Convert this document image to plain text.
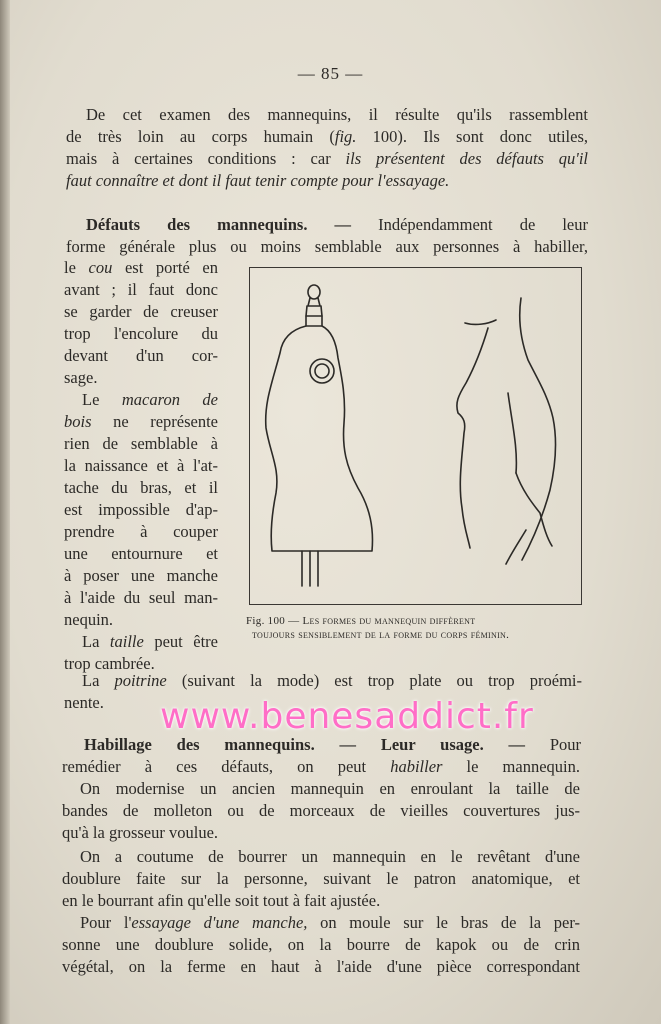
— 85 —
De cet examen des mannequins, il résulte qu'ils rassemblent
de très loin au corps humain (fig. 100). Ils sont donc utiles,
mais à certaines conditions : car ils présentent des défauts qu'il
faut connaître et dont il faut tenir compte pour l'essayage.
Défauts des mannequins. — Indépendamment de leur
forme générale plus ou moins semblable aux personnes à habiller,
le cou est porté en
avant ; il faut donc
se garder de creuser
trop l'encolure du
devant d'un cor-
sage.
Le macaron de
bois ne représente
rien de semblable à
la naissance et à l'at-
tache du bras, et il
est impossible d'ap-
prendre à couper
une entournure et
à poser une manche
à l'aide du seul man-
nequin.
La taille peut être
trop cambrée.
Fig. 100 — Les formes du mannequin diffèrent
toujours sensiblement de la forme du corps féminin.
La poitrine (suivant la mode) est trop plate ou trop proémi-
nente. www.benesaddict.fr
Habillage des mannequins. — Leur usage. — Pour
remédier à ces défauts, on peut habiller le mannequin.
On modernise un ancien mannequin en enroulant la taille de
bandes de molleton ou de morceaux de vieilles couvertures jus-
qu'à la grosseur voulue.
On a coutume de bourrer un mannequin en le revêtant d'une
doublure faite sur la personne, suivant le patron anatomique, et
en le bourrant afin qu'elle soit tout à fait ajustée.
Pour l'essayage d'une manche, on moule sur le bras de la per-
sonne une doublure solide, on la bourre de kapok ou de crin
végétal, on la ferme en haut à l'aide d'une pièce correspondant
